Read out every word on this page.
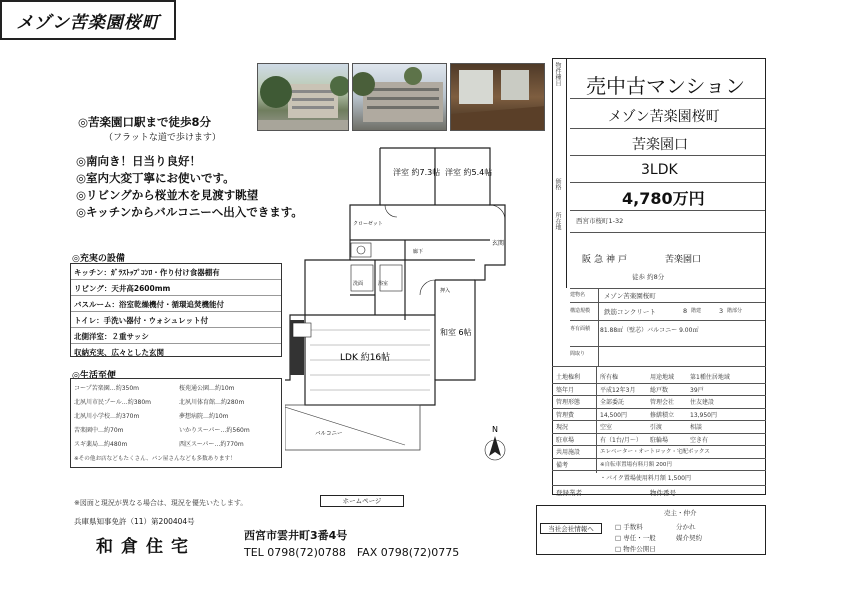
メゾン苦楽園桜町
◎苦楽園口駅まで徒歩8分
（フラットな道で歩けます）
◎南向き！日当り良好！
◎室内大変丁寧にお使いです。
◎リビングから桜並木を見渡す眺望
◎キッチンからバルコニーへ出入できます。
◎充実の設備
キッチン：ｶﾞﾗｽﾄｯﾌﾟｺﾝﾛ・作り付け食器棚有
リビング：天井高2600mm
バスルーム：浴室乾燥機付・循環追焚機能付
トイレ：手洗い器付・ウォシュレット付
北側洋室：２重サッシ
収納充実、広々とした玄関
◎生活至便
コープ苦楽園…約350m	桜苑通公園…約10m
北夙川市民プール…約380m	北夙川体育館…約280m
北夙川小学校…約370m	夢想病院…約10m
苦楽園中…約70m	いかりスーパー…約560m
スギ薬局…約480m	西区スーパー…約770m
※その他お店などもたくさん、パン屋さんなども多数あります！
N
洋室 約7.3帖 洋室 約5.4帖
LDK 約16帖
和室 6帖
クローゼット
玄関
バルコニー
廊下
浴室
洗面
押入
物件種目
価格
所在地
売中古マンション
メゾン苦楽園桜町
苦楽園口
3LDK
4,780万円
西宮市桜町1-32
阪急神戸	苦楽園口
徒歩 約8分
建物名	メゾン苦楽園桜町
構造規模 鉄筋コンクリート	8 階建	3 階部分
専有面積 81.88㎡（壁芯）バルコニー 9.00㎡
間取り
土地権利	所有権	用途地域	第1種住居地域
築年月	平成12年3月 総戸数	39戸
管理形態	全部委託	管理会社	住友建設
管理費	14,500円	修繕積立	13,950円
現況	空室	引渡	相談
駐車場	有（1台/月～） 駐輪場	空き有
共用施設	エレベーター・オートロック・宅配ボックス
備考	※自転車置場有料月額 200円
・バイク置場使用料月額 1,500円
登録業者	物件番号
※図面と現況が異なる場合は、現況を優先いたします。	ホームページ
兵庫県知事免許（11）第200404号
和倉住宅
西宮市雲井町3番4号
TEL 0798(72)0788　FAX 0798(72)0775
当社会社情報へ
売主・仲介
□ 手数料	分かれ
□ 専任・一般	媒介契約
□ 物件公開日
